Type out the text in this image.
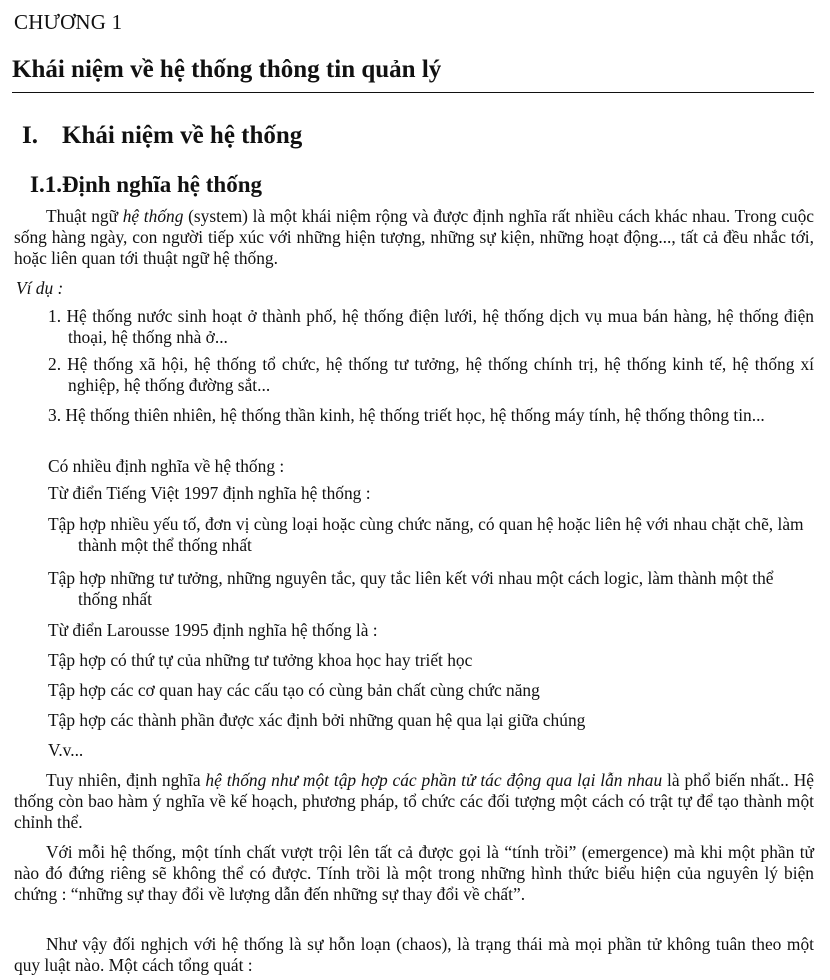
CHƯƠNG 1
Khái niệm về hệ thống thông tin quản lý
I. Khái niệm về hệ thống
I.1.Định nghĩa hệ thống
Thuật ngữ hệ thống (system) là một khái niệm rộng và được định nghĩa rất nhiều cách khác nhau. Trong cuộc sống hàng ngày, con người tiếp xúc với những hiện tượng, những sự kiện, những hoạt động..., tất cả đều nhắc tới, hoặc liên quan tới thuật ngữ hệ thống.
Ví dụ :
1. Hệ thống nước sinh hoạt ở thành phố, hệ thống điện lưới, hệ thống dịch vụ mua bán hàng, hệ thống điện thoại, hệ thống nhà ở...
2. Hệ thống xã hội, hệ thống tổ chức, hệ thống tư tưởng, hệ thống chính trị, hệ thống kinh tế, hệ thống xí nghiệp, hệ thống đường sắt...
3. Hệ thống thiên nhiên, hệ thống thần kinh, hệ thống triết học, hệ thống máy tính, hệ thống thông tin...
Có nhiều định nghĩa về hệ thống :
Từ điển Tiếng Việt 1997 định nghĩa hệ thống :
Tập hợp nhiều yếu tố, đơn vị cùng loại hoặc cùng chức năng, có quan hệ hoặc liên hệ với nhau chặt chẽ, làm thành một thể thống nhất
Tập hợp những tư tưởng, những nguyên tắc, quy tắc liên kết với nhau một cách logic, làm thành một thể thống nhất
Từ điển Larousse 1995 định nghĩa hệ thống là :
Tập hợp có thứ tự của những tư tưởng khoa học hay triết học
Tập hợp các cơ quan hay các cấu tạo có cùng bản chất cùng chức năng
Tập hợp các thành phần được xác định bởi những quan hệ qua lại giữa chúng
V.v...
Tuy nhiên, định nghĩa hệ thống như một tập hợp các phần tử tác động qua lại lẫn nhau là phổ biến nhất.. Hệ thống còn bao hàm ý nghĩa về kế hoạch, phương pháp, tổ chức các đối tượng một cách có trật tự để tạo thành một chỉnh thể.
Với mỗi hệ thống, một tính chất vượt trội lên tất cả được gọi là “tính trồi” (emergence) mà khi một phần tử nào đó đứng riêng sẽ không thể có được. Tính trồi là một trong những hình thức biểu hiện của nguyên lý biện chứng : “những sự thay đổi về lượng dẫn đến những sự thay đổi về chất”.
Như vậy đối nghịch với hệ thống là sự hỗn loạn (chaos), là trạng thái mà mọi phần tử không tuân theo một quy luật nào. Một cách tổng quát :
